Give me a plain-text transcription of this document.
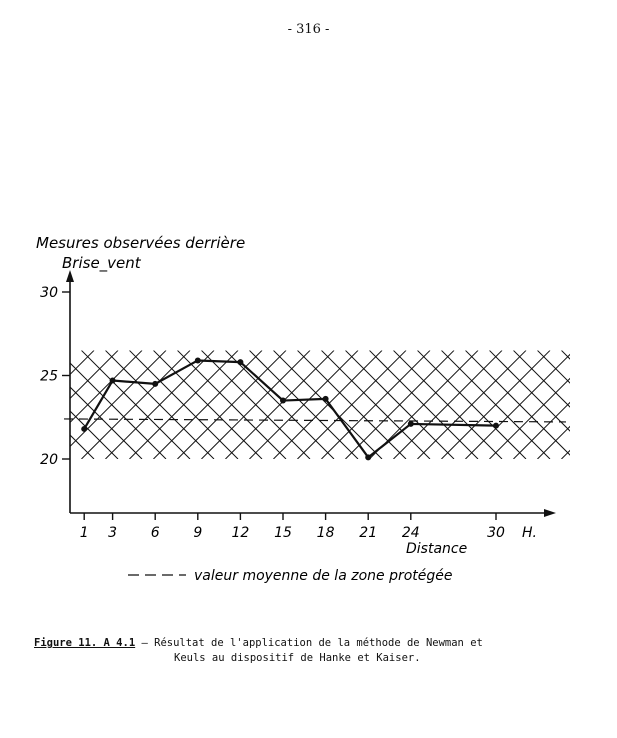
- 316 -
20
25
30
1 3 6 9 12 15 18 21 24	30
Mesures observées derrière
Brise_vent
Distance
H.
valeur moyenne de la zone protégée
Figure 11. A 4.1 – Résultat de l'application de la méthode de Newman et
Keuls au dispositif de Hanke et Kaiser.
